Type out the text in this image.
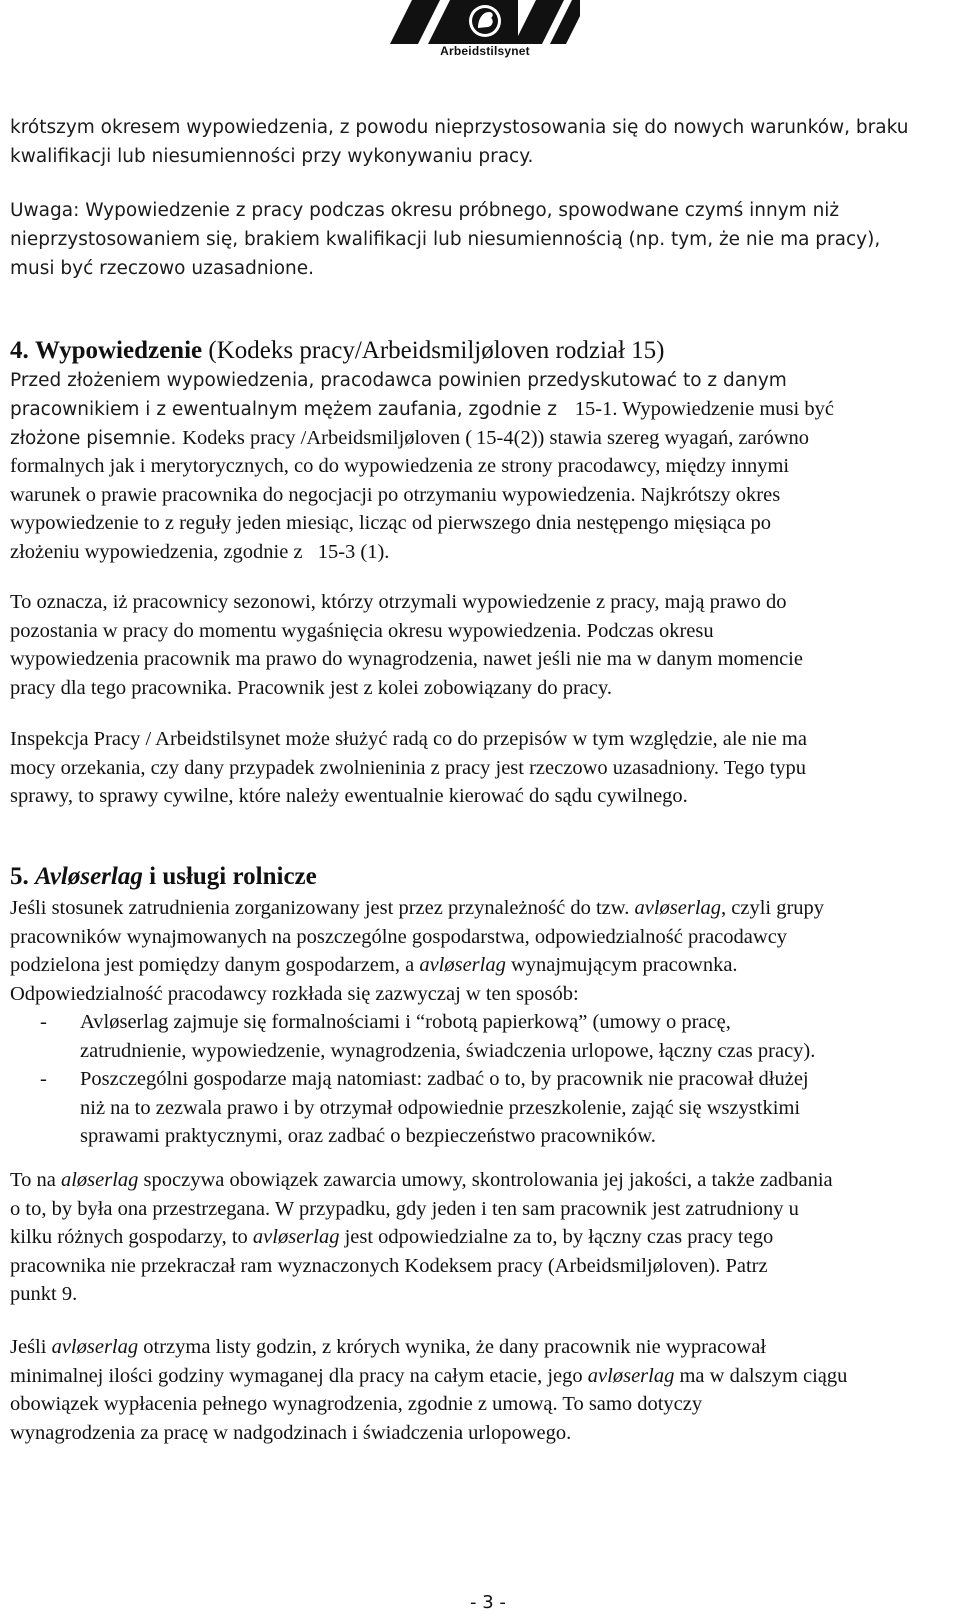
Arbeidstilsynet
krótszym okresem wypowiedzenia, z powodu nieprzystosowania się do nowych warunków, braku
kwalifikacji lub niesumienności przy wykonywaniu pracy.
Uwaga: Wypowiedzenie z pracy podczas okresu próbnego, spowodwane czymś innym niż
nieprzystosowaniem się, brakiem kwalifikacji lub niesumiennością (np. tym, że nie ma pracy),
musi być rzeczowo uzasadnione.
4. Wypowiedzenie (Kodeks pracy/Arbeidsmiljøloven rodział 15)
Przed złożeniem wypowiedzenia, pracodawca powinien przedyskutować to z danym
pracownikiem i z ewentualnym mężem zaufania, zgodnie z  15-1. Wypowiedzenie musi być
złożone pisemnie. Kodeks pracy /Arbeidsmiljøloven ( 15-4(2)) stawia szereg wyagań, zarówno
formalnych jak i merytorycznych, co do wypowiedzenia ze strony pracodawcy, między innymi
warunek o prawie pracownika do negocjacji po otrzymaniu wypowiedzenia. Najkrótszy okres
wypowiedzenie to z reguły jeden miesiąc, licząc od pierwszego dnia nestępengo mięsiąca po
złożeniu wypowiedzenia, zgodnie z 15-3 (1).
To oznacza, iż pracownicy sezonowi, którzy otrzymali wypowiedzenie z pracy, mają prawo do
pozostania w pracy do momentu wygaśnięcia okresu wypowiedzenia. Podczas okresu
wypowiedzenia pracownik ma prawo do wynagrodzenia, nawet jeśli nie ma w danym momencie
pracy dla tego pracownika. Pracownik jest z kolei zobowiązany do pracy.
Inspekcja Pracy / Arbeidstilsynet może służyć radą co do przepisów w tym względzie, ale nie ma
mocy orzekania, czy dany przypadek zwolnieninia z pracy jest rzeczowo uzasadniony. Tego typu
sprawy, to sprawy cywilne, które należy ewentualnie kierować do sądu cywilnego.
5. Avløserlag i usługi rolnicze
Jeśli stosunek zatrudnienia zorganizowany jest przez przynależność do tzw. avløserlag, czyli grupy
pracowników wynajmowanych na poszczególne gospodarstwa, odpowiedzialność pracodawcy
podzielona jest pomiędzy danym gospodarzem, a avløserlag wynajmującym pracownka.
Odpowiedzialność pracodawcy rozkłada się zazwyczaj w ten sposób:
- Avløserlag zajmuje się formalnościami i “robotą papierkową” (umowy o pracę,
zatrudnienie, wypowiedzenie, wynagrodzenia, świadczenia urlopowe, łączny czas pracy).
- Poszczególni gospodarze mają natomiast: zadbać o to, by pracownik nie pracował dłużej
niż na to zezwala prawo i by otrzymał odpowiednie przeszkolenie, zająć się wszystkimi
sprawami praktycznymi, oraz zadbać o bezpieczeństwo pracowników.
To na aløserlag spoczywa obowiązek zawarcia umowy, skontrolowania jej jakości, a także zadbania
o to, by była ona przestrzegana. W przypadku, gdy jeden i ten sam pracownik jest zatrudniony u
kilku różnych gospodarzy, to avløserlag jest odpowiedzialne za to, by łączny czas pracy tego
pracownika nie przekraczał ram wyznaczonych Kodeksem pracy (Arbeidsmiljøloven). Patrz
punkt 9.
Jeśli avløserlag otrzyma listy godzin, z krórych wynika, że dany pracownik nie wypracował
minimalnej ilości godziny wymaganej dla pracy na całym etacie, jego avløserlag ma w dalszym ciągu
obowiązek wypłacenia pełnego wynagrodzenia, zgodnie z umową. To samo dotyczy
wynagrodzenia za pracę w nadgodzinach i świadczenia urlopowego.
- 3 -
